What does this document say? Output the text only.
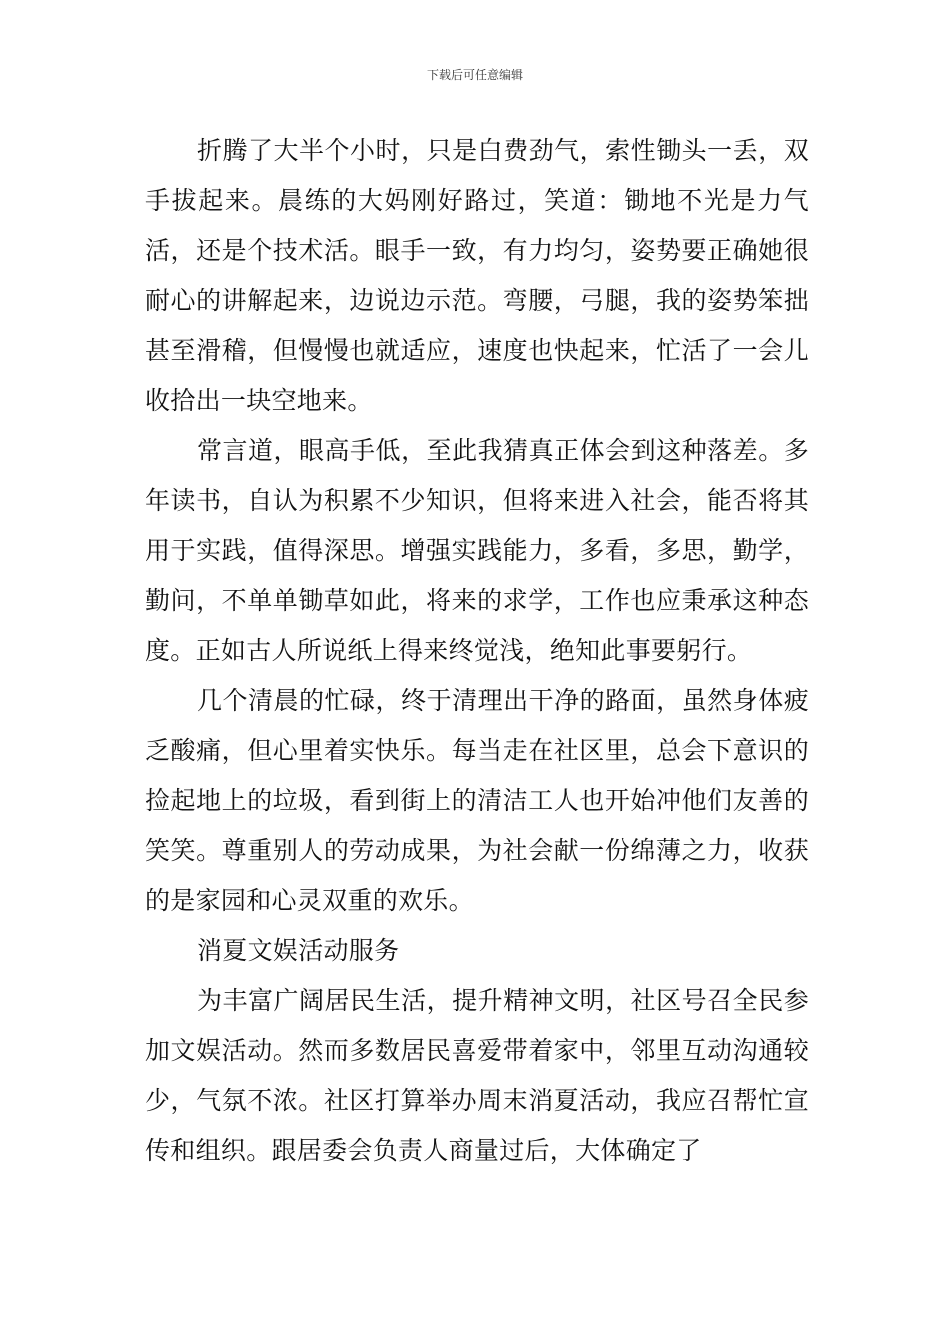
下载后可任意编辑

折腾了大半个小时，只是白费劲气，索性锄头一丢，双手拔起来。晨练的大妈刚好路过，笑道：锄地不光是力气活，还是个技术活。眼手一致，有力均匀，姿势要正确她很耐心的讲解起来，边说边示范。弯腰，弓腿，我的姿势笨拙甚至滑稽，但慢慢也就适应，速度也快起来，忙活了一会儿收拾出一块空地来。

常言道，眼高手低，至此我猜真正体会到这种落差。多年读书，自认为积累不少知识，但将来进入社会，能否将其用于实践，值得深思。增强实践能力，多看，多思，勤学，勤问，不单单锄草如此，将来的求学，工作也应秉承这种态度。正如古人所说纸上得来终觉浅，绝知此事要躬行。

几个清晨的忙碌，终于清理出干净的路面，虽然身体疲乏酸痛，但心里着实快乐。每当走在社区里，总会下意识的捡起地上的垃圾，看到街上的清洁工人也开始冲他们友善的笑笑。尊重别人的劳动成果，为社会献一份绵薄之力，收获的是家园和心灵双重的欢乐。

消夏文娱活动服务

为丰富广阔居民生活，提升精神文明，社区号召全民参加文娱活动。然而多数居民喜爱带着家中，邻里互动沟通较少，气氛不浓。社区打算举办周末消夏活动，我应召帮忙宣传和组织。跟居委会负责人商量过后，大体确定了
